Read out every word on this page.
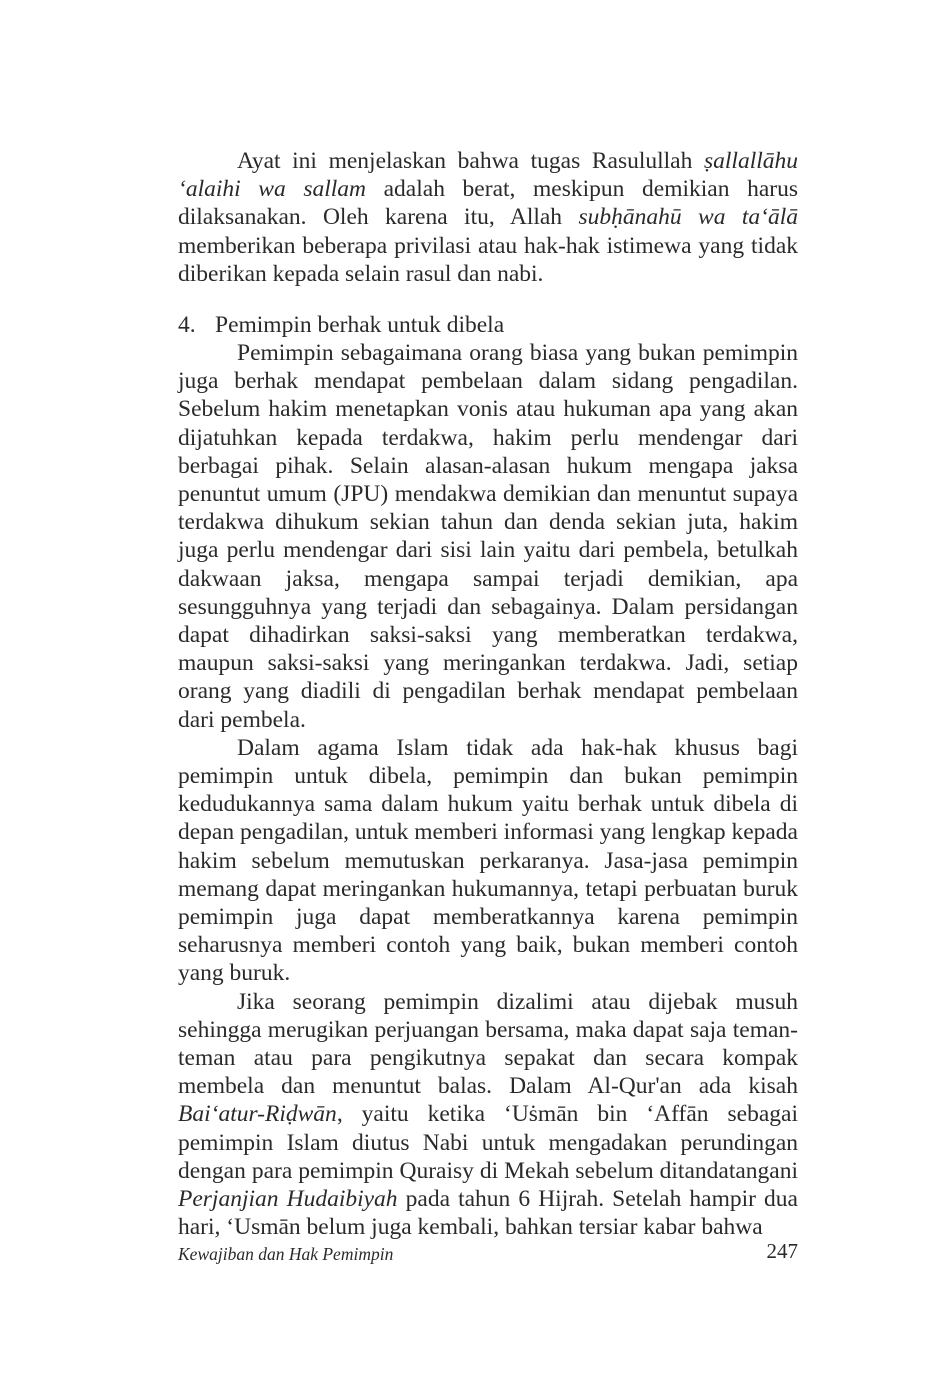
Ayat ini menjelaskan bahwa tugas Rasulullah ṣallallāhu ‘alaihi wa sallam adalah berat, meskipun demikian harus dilaksanakan. Oleh karena itu, Allah subḥānahū wa ta‘ālā memberikan beberapa privilasi atau hak-hak istimewa yang tidak diberikan kepada selain rasul dan nabi.

4. Pemimpin berhak untuk dibela

Pemimpin sebagaimana orang biasa yang bukan pemimpin juga berhak mendapat pembelaan dalam sidang pengadilan. Sebelum hakim menetapkan vonis atau hukuman apa yang akan dijatuhkan kepada terdakwa, hakim perlu mendengar dari berbagai pihak. Selain alasan-alasan hukum mengapa jaksa penuntut umum (JPU) mendakwa demikian dan menuntut supaya terdakwa dihukum sekian tahun dan denda sekian juta, hakim juga perlu mendengar dari sisi lain yaitu dari pembela, betulkah dakwaan jaksa, mengapa sampai terjadi demikian, apa sesungguhnya yang terjadi dan sebagainya. Dalam persidangan dapat dihadirkan saksi-saksi yang memberatkan terdakwa, maupun saksi-saksi yang meringankan terdakwa. Jadi, setiap orang yang diadili di pengadilan berhak mendapat pembelaan dari pembela.

Dalam agama Islam tidak ada hak-hak khusus bagi pemimpin untuk dibela, pemimpin dan bukan pemimpin kedudukannya sama dalam hukum yaitu berhak untuk dibela di depan pengadilan, untuk memberi informasi yang lengkap kepada hakim sebelum memutuskan perkaranya. Jasa-jasa pemimpin memang dapat meringankan hukumannya, tetapi perbuatan buruk pemimpin juga dapat memberatkannya karena pemimpin seharusnya memberi contoh yang baik, bukan memberi contoh yang buruk.

Jika seorang pemimpin dizalimi atau dijebak musuh sehingga merugikan perjuangan bersama, maka dapat saja teman-teman atau para pengikutnya sepakat dan secara kompak membela dan menuntut balas. Dalam Al-Qur'an ada kisah Bai‘atur-Riḍwān, yaitu ketika ‘Uṡmān bin ‘Affān sebagai pemimpin Islam diutus Nabi untuk mengadakan perundingan dengan para pemimpin Quraisy di Mekah sebelum ditandatangani Perjanjian Hudaibiyah pada tahun 6 Hijrah. Setelah hampir dua hari, ‘Usmān belum juga kembali, bahkan tersiar kabar bahwa

Kewajiban dan Hak Pemimpin	247
